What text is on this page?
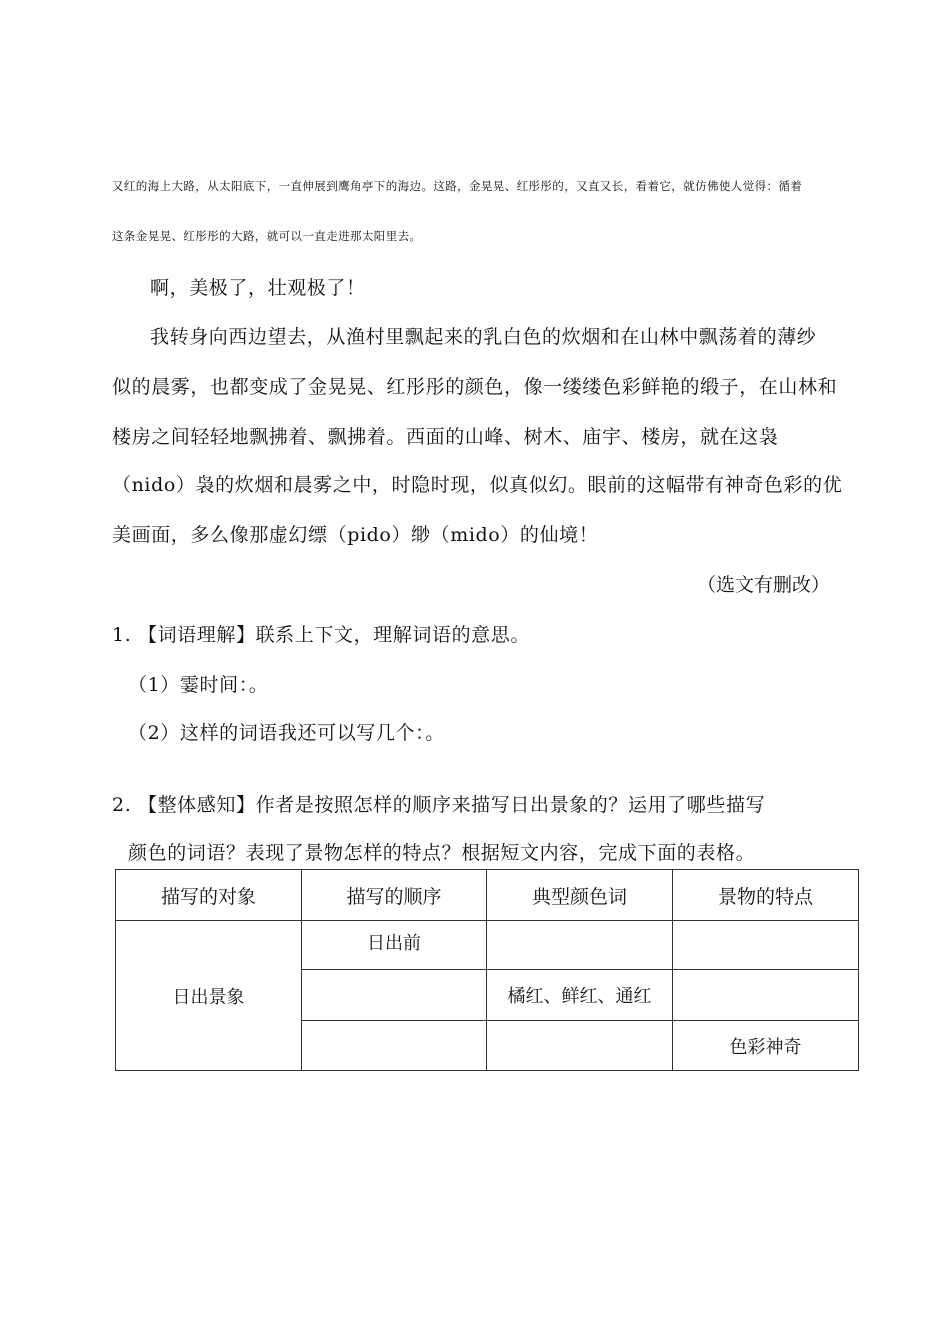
又红的海上大路，从太阳底下，一直伸展到鹰角亭下的海边。这路，金晃晃、红彤彤的，又直又长，看着它，就仿佛使人觉得：循着
这条金晃晃、红彤彤的大路，就可以一直走进那太阳里去。
啊，美极了，壮观极了！
我转身向西边望去，从渔村里飘起来的乳白色的炊烟和在山林中飘荡着的薄纱
似的晨雾，也都变成了金晃晃、红彤彤的颜色，像一缕缕色彩鲜艳的缎子，在山林和
楼房之间轻轻地飘拂着、飘拂着。西面的山峰、树木、庙宇、楼房，就在这袅
（nido）袅的炊烟和晨雾之中，时隐时现，似真似幻。眼前的这幅带有神奇色彩的优
美画面，多么像那虚幻缥（pido）缈（mido）的仙境！
（选文有删改）
1. 【词语理解】联系上下文，理解词语的意思。
（1）霎时间：。
（2）这样的词语我还可以写几个：。
2. 【整体感知】作者是按照怎样的顺序来描写日出景象的？运用了哪些描写
颜色的词语？表现了景物怎样的特点？根据短文内容，完成下面的表格。
描写的对象	描写的顺序	典型颜色词	景物的特点
日出景象	日出前		
		橘红、鲜红、通红	
			色彩神奇
